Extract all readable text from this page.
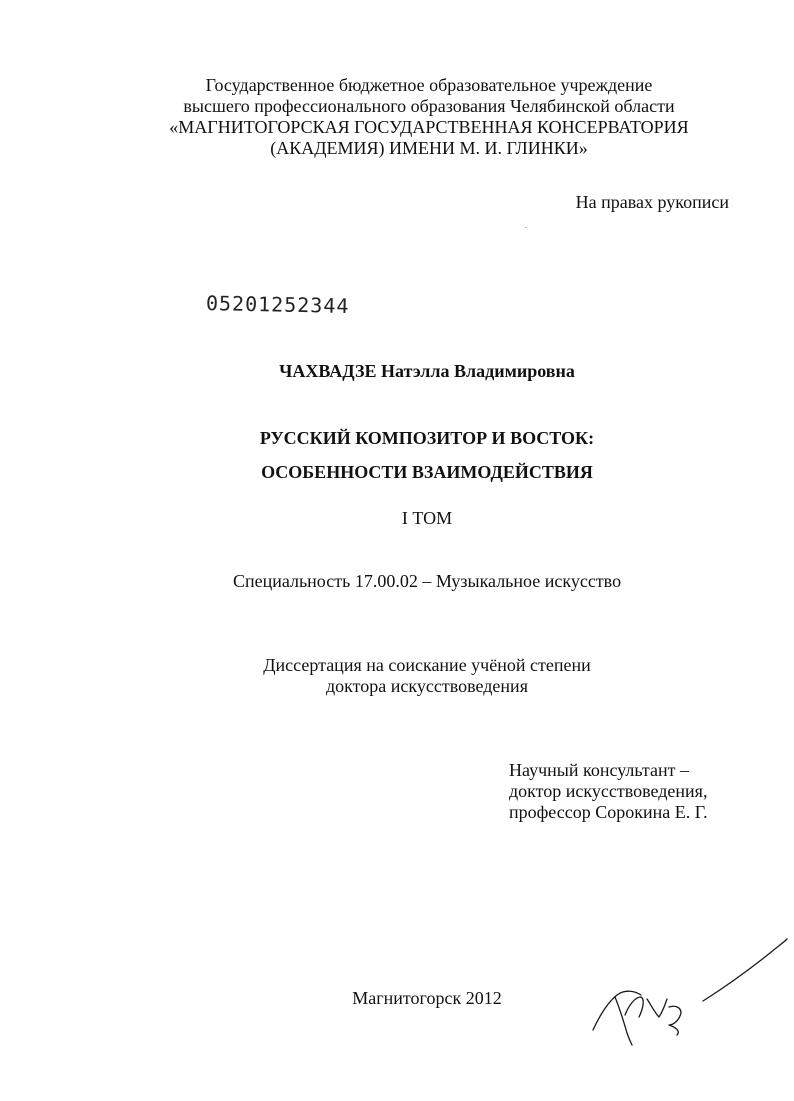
Государственное бюджетное образовательное учреждение
высшего профессионального образования Челябинской области
«МАГНИТОГОРСКАЯ ГОСУДАРСТВЕННАЯ КОНСЕРВАТОРИЯ
(АКАДЕМИЯ) ИМЕНИ М. И. ГЛИНКИ»
На правах рукописи
05201252344
ЧАХВАДЗЕ Натэлла Владимировна
РУССКИЙ КОМПОЗИТОР И ВОСТОК:
ОСОБЕННОСТИ ВЗАИМОДЕЙСТВИЯ
I ТОМ
Специальность 17.00.02 – Музыкальное искусство
Диссертация на соискание учёной степени
доктора искусствоведения
Научный консультант –
доктор искусствоведения,
профессор Сорокина Е. Г.
Магнитогорск 2012
